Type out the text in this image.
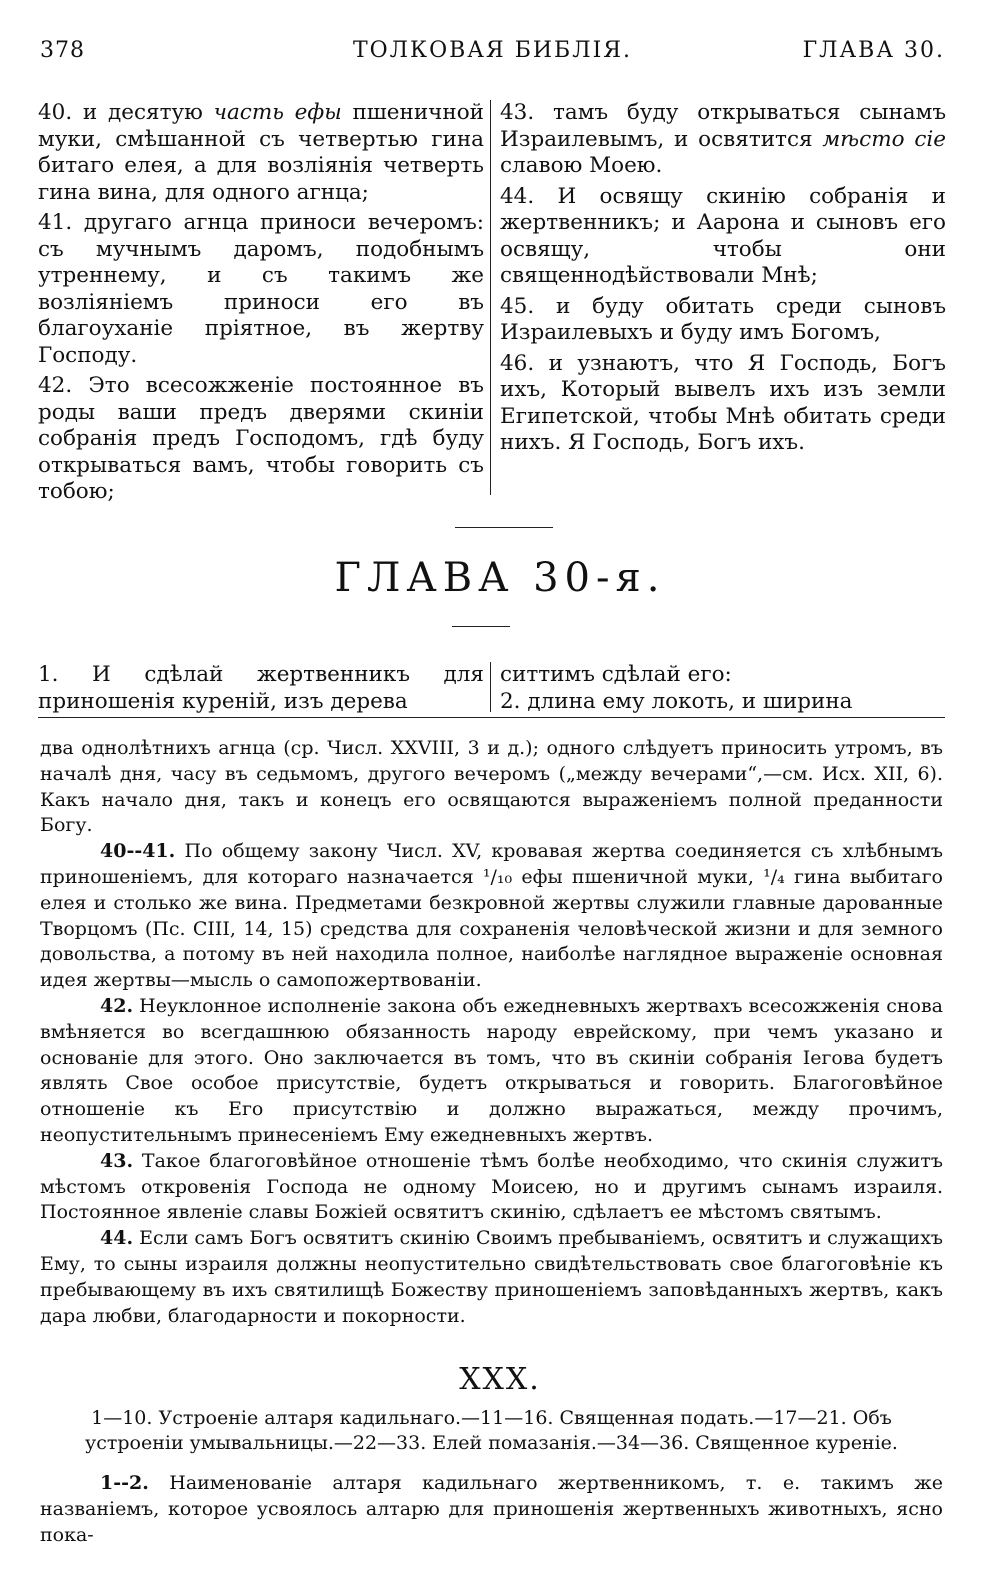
378	ТОЛКОВАЯ БИБЛІЯ.	ГЛАВА 30.

40. и десятую часть ефы пшеничной муки, смѣшанной съ четвертью гина битаго елея, а для возліянія четверть гина вина, для одного агнца;

41. другаго агнца приноси вечеромъ: съ мучнымъ даромъ, подобнымъ утреннему, и съ такимъ же возліяніемъ приноси его въ благоуханіе пріятное, въ жертву Господу.

42. Это всесожженіе постоянное въ роды ваши предъ дверями скиніи собранія предъ Господомъ, гдѣ буду открываться вамъ, чтобы говорить съ тобою;

43. тамъ буду открываться сынамъ Израилевымъ, и освятится мѣсто сіе славою Моею.

44. И освящу скинію собранія и жертвенникъ; и Аарона и сыновъ его освящу, чтобы они священнодѣйствовали Мнѣ;

45. и буду обитать среди сыновъ Израилевыхъ и буду имъ Богомъ,

46. и узнаютъ, что Я Господь, Богъ ихъ, Который вывелъ ихъ изъ земли Египетской, чтобы Мнѣ обитать среди нихъ. Я Господь, Богъ ихъ.

ГЛАВА 30-я.

1. И сдѣлай жертвенникъ для приношенія куреній, изъ дерева

ситтимъ сдѣлай его:

2. длина ему локоть, и ширина

два однолѣтнихъ агнца (ср. Числ. XXVIII, 3 и д.); одного слѣдуетъ приносить утромъ, въ началѣ дня, часу въ седьмомъ, другого вечеромъ („между вечерами“,—см. Исх. XII, 6). Какъ начало дня, такъ и конецъ его освящаются выраженіемъ полной преданности Богу.

40--41. По общему закону Числ. XV, кровавая жертва соединяется съ хлѣбнымъ приношеніемъ, для котораго назначается ¹/₁₀ ефы пшеничной муки, ¹/₄ гина выбитаго елея и столько же вина. Предметами безкровной жертвы служили главные дарованные Творцомъ (Пс. CIII, 14, 15) средства для сохраненія человѣческой жизни и для земного довольства, а потому въ ней находила полное, наиболѣе наглядное выраженіе основная идея жертвы—мысль о самопожертвованіи.

42. Неуклонное исполненіе закона объ ежедневныхъ жертвахъ всесожженія снова вмѣняется во всегдашнюю обязанность народу еврейскому, при чемъ указано и основаніе для этого. Оно заключается въ томъ, что въ скиніи собранія Іегова будетъ являть Свое особое присутствіе, будетъ открываться и говорить. Благоговѣйное отношеніе къ Его присутствію и должно выражаться, между прочимъ, неопустительнымъ принесеніемъ Ему ежедневныхъ жертвъ.

43. Такое благоговѣйное отношеніе тѣмъ болѣе необходимо, что скинія служитъ мѣстомъ откровенія Господа не одному Моисею, но и другимъ сынамъ израиля. Постоянное явленіе славы Божіей освятитъ скинію, сдѣлаетъ ее мѣстомъ святымъ.

44. Если самъ Богъ освятитъ скинію Своимъ пребываніемъ, освятитъ и служащихъ Ему, то сыны израиля должны неопустительно свидѣтельствовать свое благоговѣніе къ пребывающему въ ихъ святилищѣ Божеству приношеніемъ заповѣданныхъ жертвъ, какъ дара любви, благодарности и покорности.

XXX.
1—10. Устроеніе алтаря кадильнаго.—11—16. Священная подать.—17—21. Объ устроеніи умывальницы.—22—33. Елей помазанія.—34—36. Священное куреніе.

1--2. Наименованіе алтаря кадильнаго жертвенникомъ, т. е. такимъ же названіемъ, которое усвоялось алтарю для приношенія жертвенныхъ животныхъ, ясно пока-
